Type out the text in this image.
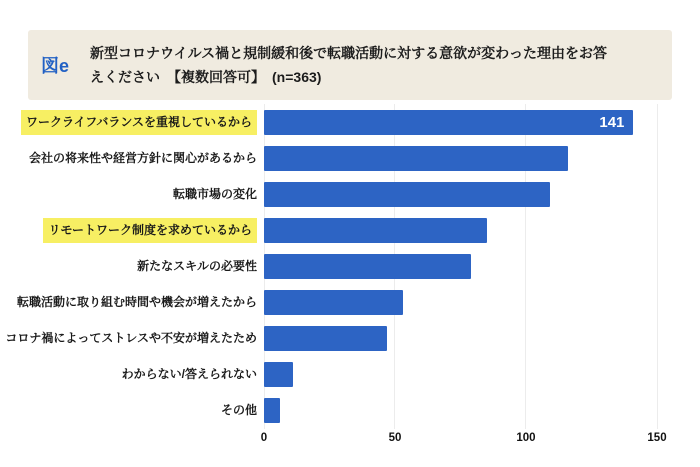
図e
新型コロナウイルス禍と規制緩和後で転職活動に対する意欲が変わった理由をお答
えください　【複数回答可】　(n=363)
ワークライフバランスを重視しているから	141
会社の将来性や経営方針に関心があるから
転職市場の変化
リモートワーク制度を求めているから
新たなスキルの必要性
転職活動に取り組む時間や機会が増えたから
コロナ禍によってストレスや不安が増えたため
わからない/答えられない
その他
0	50	100	150
